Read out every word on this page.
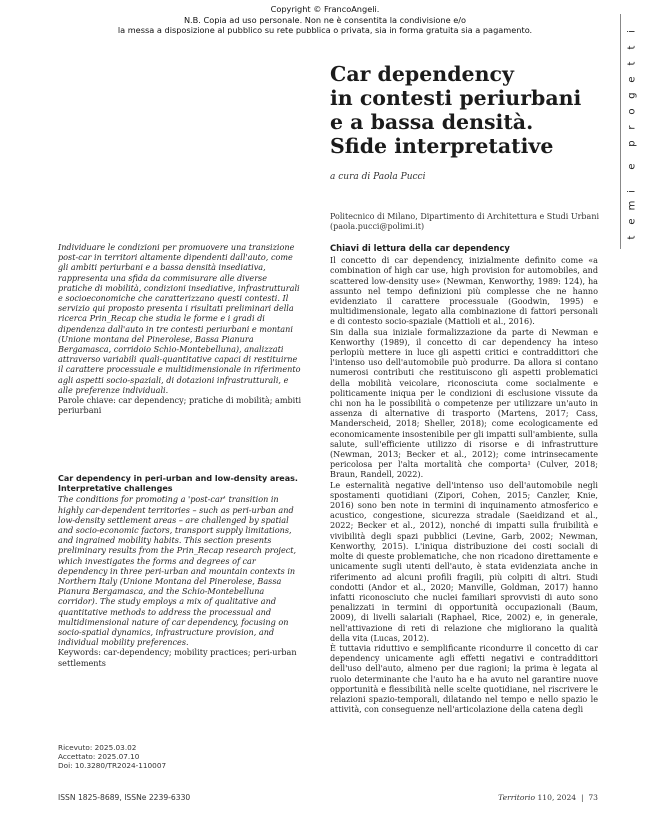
Copyright © FrancoAngeli.
N.B. Copia ad uso personale. Non ne è consentita la condivisione e/o
la messa a disposizione al pubblico su rete pubblica o privata, sia in forma gratuita sia a pagamento.
t
e
m
i
e
p
r
o
g
e
t
t
i
Car dependency
in contesti periurbani
e a bassa densità.
Sfide interpretative
a cura di Paola Pucci
Politecnico di Milano, Dipartimento di Architettura e Studi Urbani
(paola.pucci@polimi.it)
Individuare le condizioni per promuovere una transizione post-car in territori altamente dipendenti dall'auto, come gli ambiti periurbani e a bassa densità insediativa, rappresenta una sfida da commisurare alle diverse pratiche di mobilità, condizioni insediative, infrastrutturali e socioeconomiche che caratterizzano questi contesti. Il servizio qui proposto presenta i risultati preliminari della ricerca Prin_Recap che studia le forme e i gradi di dipendenza dall'auto in tre contesti periurbani e montani (Unione montana del Pinerolese, Bassa Pianura Bergamasca, corridoio Schio-Montebelluna), analizzati attraverso variabili quali-quantitative capaci di restituirne il carattere processuale e multidimensionale in riferimento agli aspetti socio-spaziali, di dotazioni infrastrutturali, e alle preferenze individuali.
Parole chiave: car dependency; pratiche di mobilità; ambiti periurbani
Car dependency in peri-urban and low-density areas. Interpretative challenges
The conditions for promoting a 'post-car' transition in highly car-dependent territories – such as peri-urban and low-density settlement areas – are challenged by spatial and socio-economic factors, transport supply limitations, and ingrained mobility habits. This section presents preliminary results from the Prin_Recap research project, which investigates the forms and degrees of car dependency in three peri-urban and mountain contexts in Northern Italy (Unione Montana del Pinerolese, Bassa Pianura Bergamasca, and the Schio-Montebelluna corridor). The study employs a mix of qualitative and quantitative methods to address the processual and multidimensional nature of car dependency, focusing on socio-spatial dynamics, infrastructure provision, and individual mobility preferences.
Keywords: car-dependency; mobility practices; peri-urban settlements
Ricevuto: 2025.03.02
Accettato: 2025.07.10
Doi: 10.3280/TR2024-110007
Chiavi di lettura della car dependency

Il concetto di car dependency, inizialmente definito come «a combination of high car use, high provision for automobiles, and scattered low-density use» (Newman, Kenworthy, 1989: 124), ha assunto nel tempo definizioni più complesse che ne hanno evidenziato il carattere processuale (Goodwin, 1995) e multidimensionale, legato alla combinazione di fattori personali e di contesto socio-spaziale (Mattioli et al., 2016).

Sin dalla sua iniziale formalizzazione da parte di Newman e Kenworthy (1989), il concetto di car dependency ha inteso perlopiù mettere in luce gli aspetti critici e contraddittori che l'intenso uso dell'automobile può produrre. Da allora si contano numerosi contributi che restituiscono gli aspetti problematici della mobilità veicolare, riconosciuta come socialmente e politicamente iniqua per le condizioni di esclusione vissute da chi non ha le possibilità o competenze per utilizzare un'auto in assenza di alternative di trasporto (Martens, 2017; Cass, Manderscheid, 2018; Sheller, 2018); come ecologicamente ed economicamente insostenibile per gli impatti sull'ambiente, sulla salute, sull'efficiente utilizzo di risorse e di infrastrutture (Newman, 2013; Becker et al., 2012); come intrinsecamente pericolosa per l'alta mortalità che comporta¹ (Culver, 2018; Braun, Randell, 2022).

Le esternalità negative dell'intenso uso dell'automobile negli spostamenti quotidiani (Zipori, Cohen, 2015; Canzler, Knie, 2016) sono ben note in termini di inquinamento atmosferico e acustico, congestione, sicurezza stradale (Saeidizand et al., 2022; Becker et al., 2012), nonché di impatti sulla fruibilità e vivibilità degli spazi pubblici (Levine, Garb, 2002; Newman, Kenworthy, 2015). L'iniqua distribuzione dei costi sociali di molte di queste problematiche, che non ricadono direttamente e unicamente sugli utenti dell'auto, è stata evidenziata anche in riferimento ad alcuni profili fragili, più colpiti di altri. Studi condotti (Andor et al., 2020; Manville, Goldman, 2017) hanno infatti riconosciuto che nuclei familiari sprovvisti di auto sono penalizzati in termini di opportunità occupazionali (Baum, 2009), di livelli salariali (Raphael, Rice, 2002) e, in generale, nell'attivazione di reti di relazione che migliorano la qualità della vita (Lucas, 2012).

È tuttavia riduttivo e semplificante ricondurre il concetto di car dependency unicamente agli effetti negativi e contraddittori dell'uso dell'auto, almeno per due ragioni; la prima è legata al ruolo determinante che l'auto ha e ha avuto nel garantire nuove opportunità e flessibilità nelle scelte quotidiane, nel riscrivere le relazioni spazio-temporali, dilatando nel tempo e nello spazio le attività, con conseguenze nell'articolazione della catena degli

ISSN 1825-8689, ISSNe 2239-6330	Territorio 110, 2024 | 73
